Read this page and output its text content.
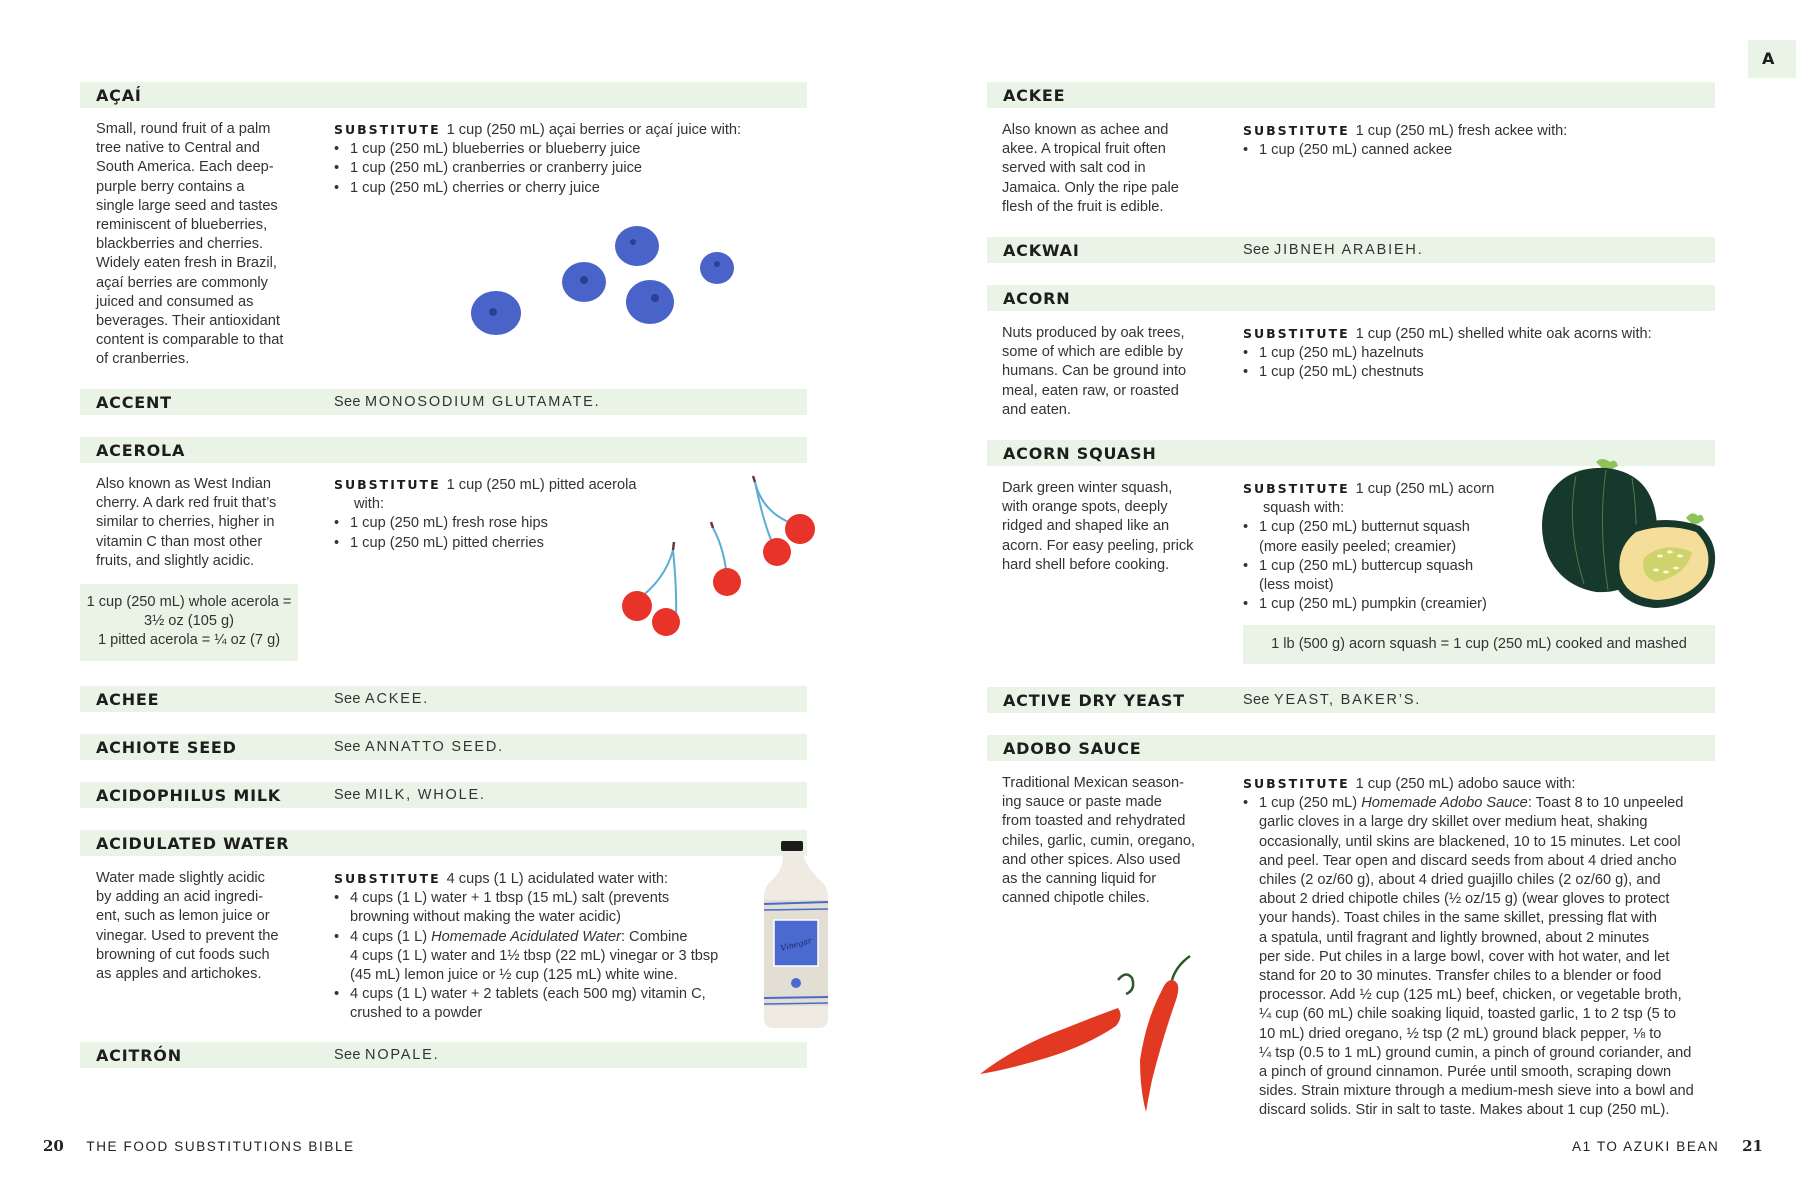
AÇAÍ
Small, round fruit of a palm
tree native to Central and
South America. Each deep-
purple berry contains a
single large seed and tastes
reminiscent of blueberries,
blackberries and cherries.
Widely eaten fresh in Brazil,
açaí berries are commonly
juiced and consumed as
beverages. Their antioxidant
content is comparable to that
of cranberries.
SUBSTITUTE 1 cup (250 mL) açai berries or açaí juice with:
• 1 cup (250 mL) blueberries or blueberry juice
• 1 cup (250 mL) cranberries or cranberry juice
• 1 cup (250 mL) cherries or cherry juice
ACCENT	See MONOSODIUM GLUTAMATE.
ACEROLA
Also known as West Indian
cherry. A dark red fruit that’s
similar to cherries, higher in
vitamin C than most other
fruits, and slightly acidic.
1 cup (250 mL) whole acerola =
3½ oz (105 g)
1 pitted acerola = ¼ oz (7 g)
SUBSTITUTE 1 cup (250 mL) pitted acerola
with:
• 1 cup (250 mL) fresh rose hips
• 1 cup (250 mL) pitted cherries
ACHEE	See ACKEE.
ACHIOTE SEED	See ANNATTO SEED.
ACIDOPHILUS MILK	See MILK, WHOLE.
ACIDULATED WATER
Water made slightly acidic
by adding an acid ingredi-
ent, such as lemon juice or
vinegar. Used to prevent the
browning of cut foods such
as apples and artichokes.
SUBSTITUTE 4 cups (1 L) acidulated water with:
• 4 cups (1 L) water + 1 tbsp (15 mL) salt (prevents
browning without making the water acidic)
• 4 cups (1 L) Homemade Acidulated Water: Combine
4 cups (1 L) water and 1½ tbsp (22 mL) vinegar or 3 tbsp
(45 mL) lemon juice or ½ cup (125 mL) white wine.
• 4 cups (1 L) water + 2 tablets (each 500 mg) vitamin C,
crushed to a powder
Vinegar
ACITRÓN	See NOPALE.
20 THE FOOD SUBSTITUTIONS BIBLE
ACKEE
Also known as achee and
akee. A tropical fruit often
served with salt cod in
Jamaica. Only the ripe pale
flesh of the fruit is edible.
SUBSTITUTE 1 cup (250 mL) fresh ackee with:
• 1 cup (250 mL) canned ackee
ACKWAI	See JIBNEH ARABIEH.
ACORN
Nuts produced by oak trees,
some of which are edible by
humans. Can be ground into
meal, eaten raw, or roasted
and eaten.
SUBSTITUTE 1 cup (250 mL) shelled white oak acorns with:
• 1 cup (250 mL) hazelnuts
• 1 cup (250 mL) chestnuts
ACORN SQUASH
Dark green winter squash,
with orange spots, deeply
ridged and shaped like an
acorn. For easy peeling, prick
hard shell before cooking.
SUBSTITUTE 1 cup (250 mL) acorn
squash with:
• 1 cup (250 mL) butternut squash
(more easily peeled; creamier)
• 1 cup (250 mL) buttercup squash
(less moist)
• 1 cup (250 mL) pumpkin (creamier)
1 lb (500 g) acorn squash = 1 cup (250 mL) cooked and mashed
ACTIVE DRY YEAST	See YEAST, BAKER’S.
ADOBO SAUCE
Traditional Mexican season-
ing sauce or paste made
from toasted and rehydrated
chiles, garlic, cumin, oregano,
and other spices. Also used
as the canning liquid for
canned chipotle chiles.
SUBSTITUTE 1 cup (250 mL) adobo sauce with:
• 1 cup (250 mL) Homemade Adobo Sauce: Toast 8 to 10 unpeeled
garlic cloves in a large dry skillet over medium heat, shaking
occasionally, until skins are blackened, 10 to 15 minutes. Let cool
and peel. Tear open and discard seeds from about 4 dried ancho
chiles (2 oz/60 g), about 4 dried guajillo chiles (2 oz/60 g), and
about 2 dried chipotle chiles (½ oz/15 g) (wear gloves to protect
your hands). Toast chiles in the same skillet, pressing flat with
a spatula, until fragrant and lightly browned, about 2 minutes
per side. Put chiles in a large bowl, cover with hot water, and let
stand for 20 to 30 minutes. Transfer chiles to a blender or food
processor. Add ½ cup (125 mL) beef, chicken, or vegetable broth,
¼ cup (60 mL) chile soaking liquid, toasted garlic, 1 to 2 tsp (5 to
10 mL) dried oregano, ½ tsp (2 mL) ground black pepper, ⅛ to
¼ tsp (0.5 to 1 mL) ground cumin, a pinch of ground coriander, and
a pinch of ground cinnamon. Purée until smooth, scraping down
sides. Strain mixture through a medium-mesh sieve into a bowl and
discard solids. Stir in salt to taste. Makes about 1 cup (250 mL).
A1 TO AZUKI BEAN 21
A
